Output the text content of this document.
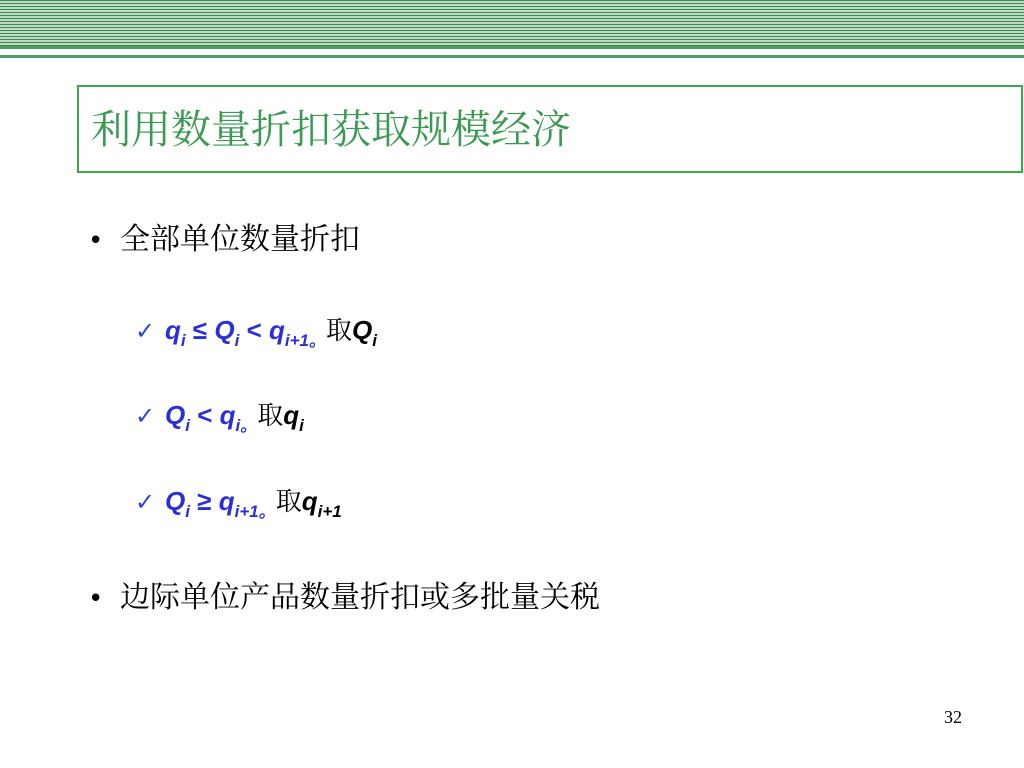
利用数量折扣获取规模经济
• 全部单位数量折扣
✓ $q_i \le Q_i < q_{i+1。}$取$Q_i$
✓ $Q_i < q_{i。}$取$q_i$
✓ $Q_i \ge q_{i+1。}$取$q_{i+1}$
• 边际单位产品数量折扣或多批量关税
32
